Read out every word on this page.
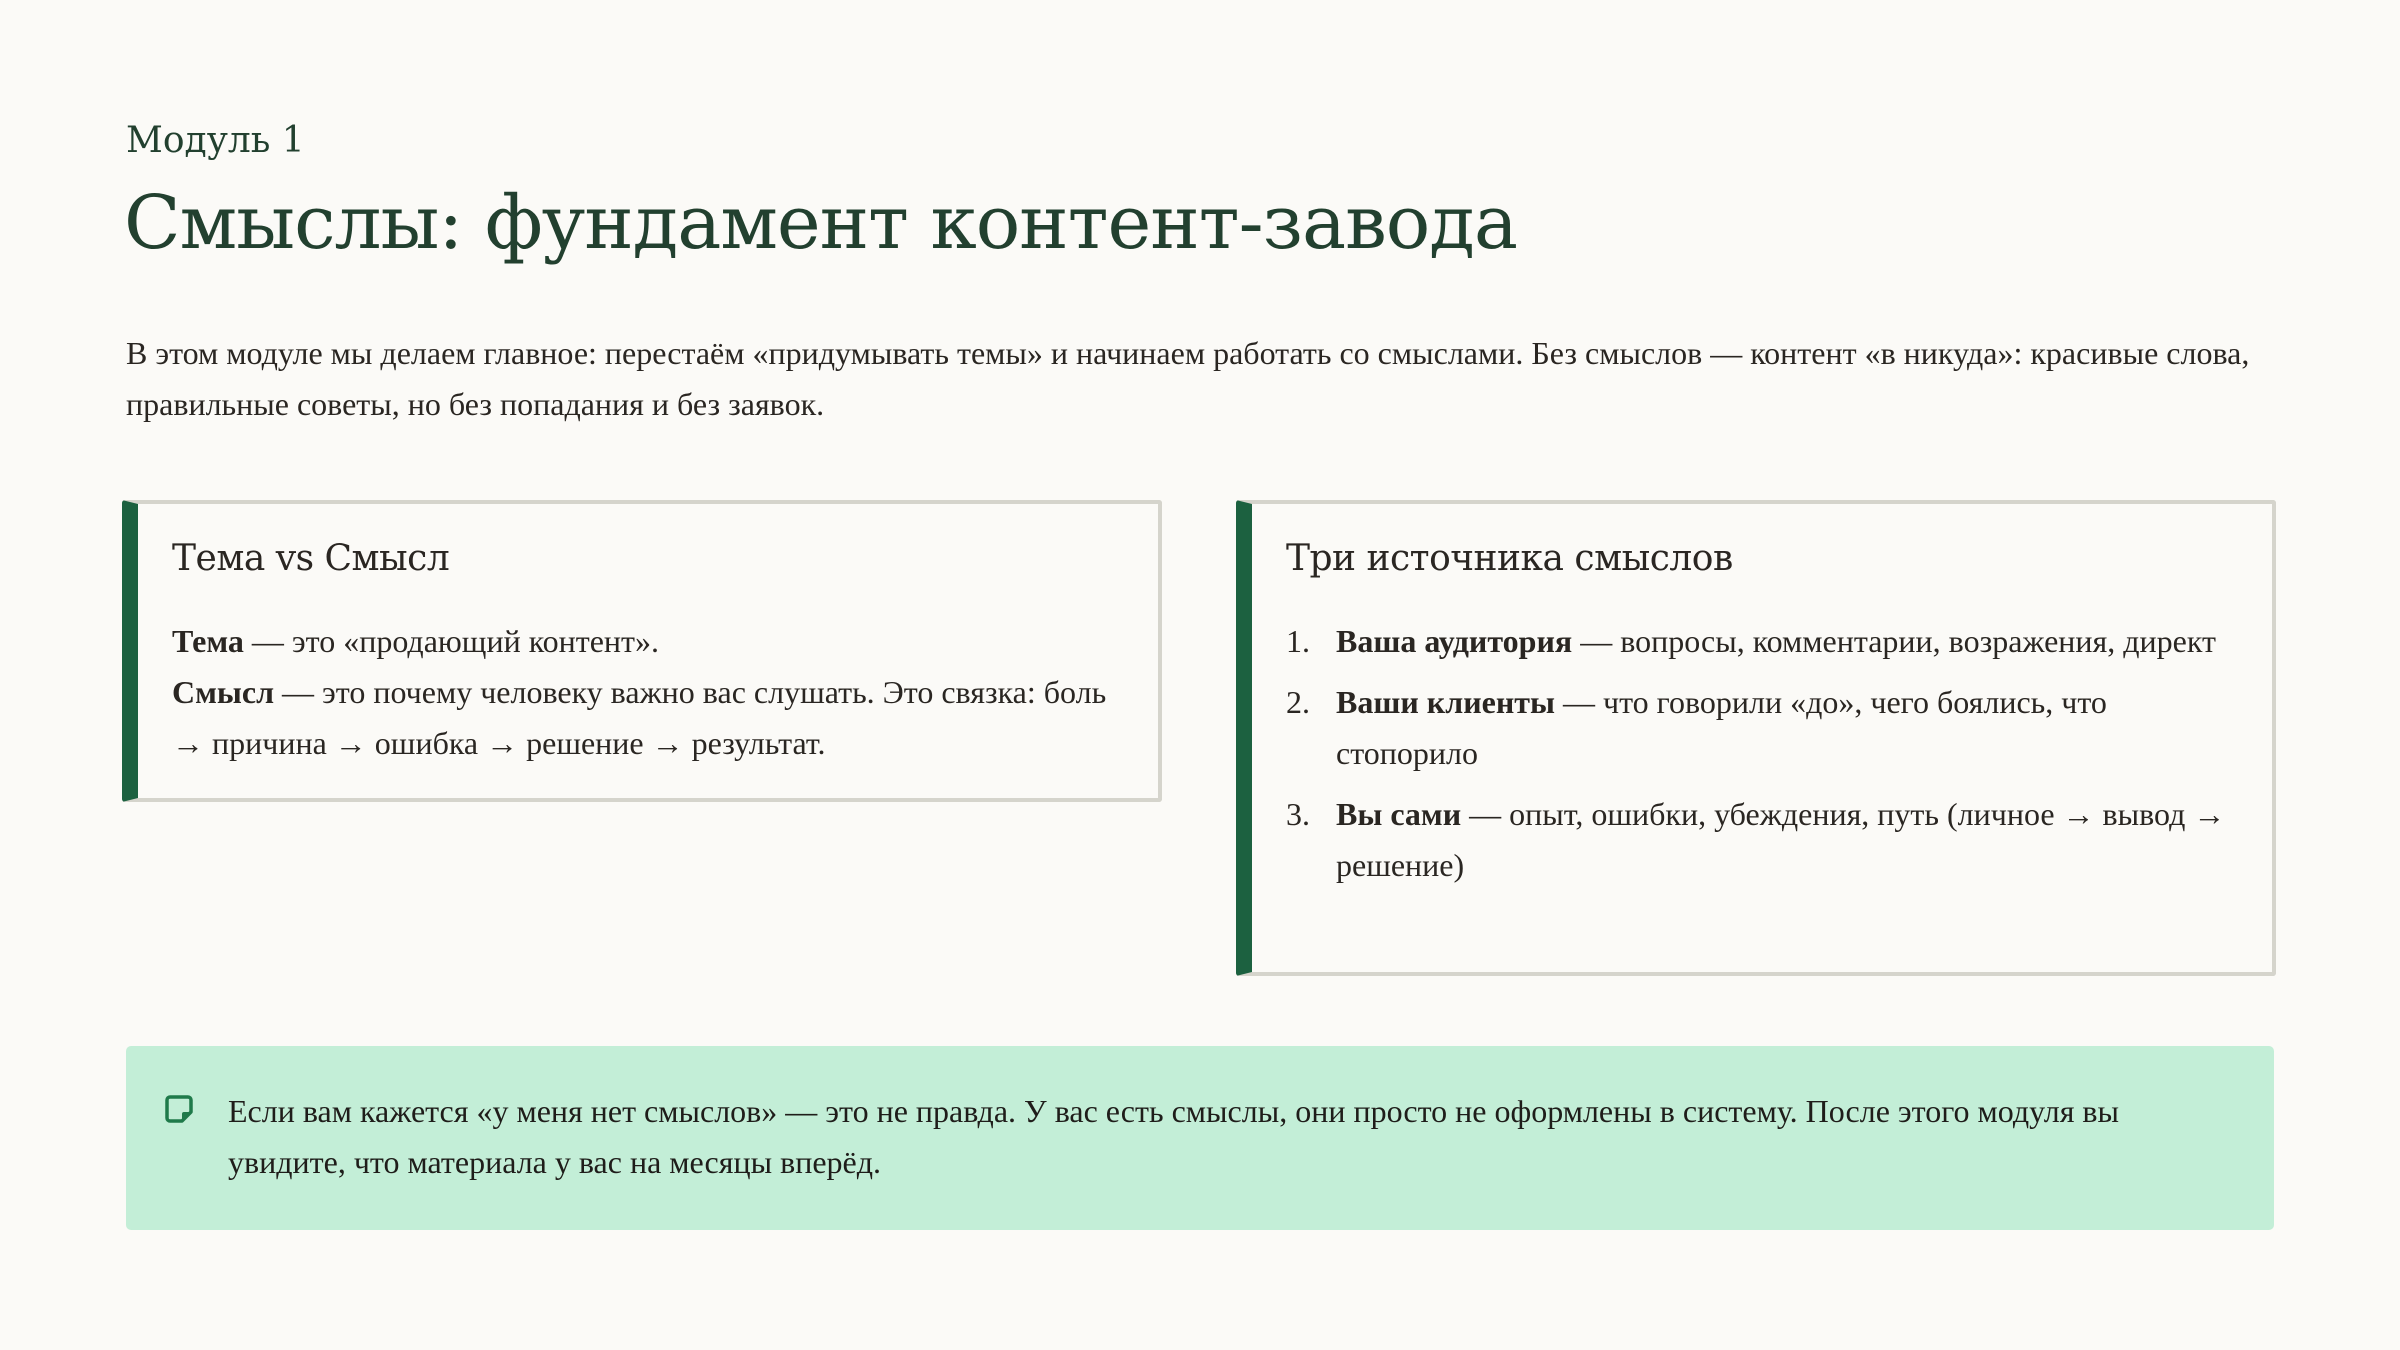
Модуль 1
Смыслы: фундамент контент-завода

В этом модуле мы делаем главное: перестаём «придумывать темы» и начинаем работать со смыслами. Без смыслов — контент «в никуда»: красивые слова, правильные советы, но без попадания и без заявок.

Тема vs Смысл

Тема — это «продающий контент».

Смысл — это почему человеку важно вас слушать. Это связка: боль → причина → ошибка → решение → результат.

Три источника смыслов
1. Ваша аудитория — вопросы, комментарии, возражения, директ
2. Ваши клиенты — что говорили «до», чего боялись, что стопорило
3. Вы сами — опыт, ошибки, убеждения, путь (личное → вывод → решение)

Если вам кажется «у меня нет смыслов» — это не правда. У вас есть смыслы, они просто не оформлены в систему. После этого модуля вы увидите, что материала у вас на месяцы вперёд.
